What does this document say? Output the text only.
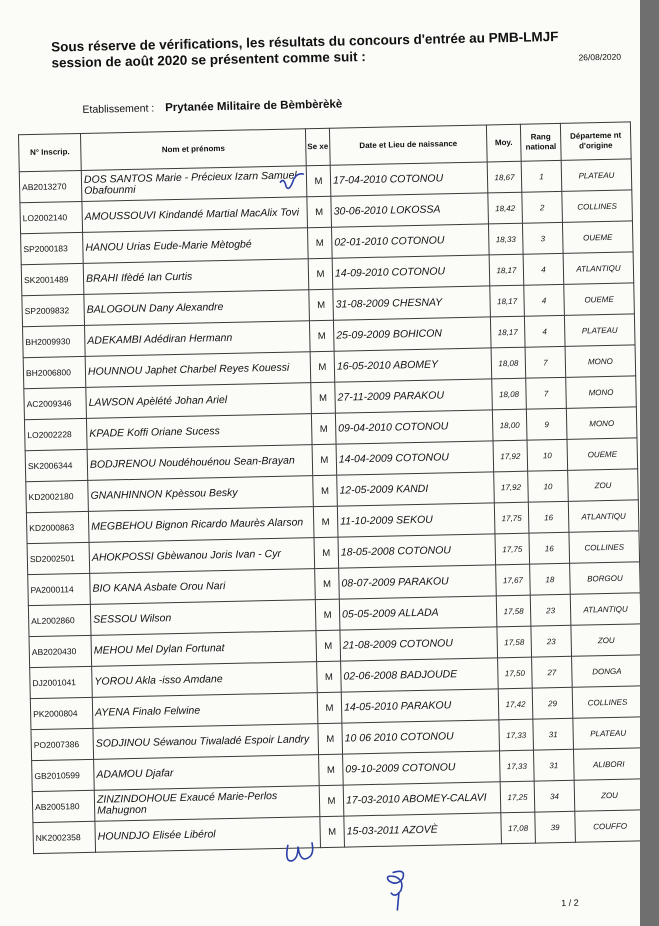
Sous réserve de vérifications, les résultats du concours d'entrée au PMB-LMJF
session de août 2020 se présentent comme suit :	26/08/2020
Etablissement : Prytanée Militaire de Bèmbèrèkè
N° Inscrip.	Nom et prénoms	Se xe	Date et Lieu de naissance	Moy.	Rang national	Départeme nt d'origine
AB2013270	DOS SANTOS Marie - Précieux Izarn Samuel Obafounmi	M	17-04-2010 COTONOU	18,67	1	PLATEAU
LO2002140	AMOUSSOUVI Kindandé Martial MacAlix Tovi	M	30-06-2010 LOKOSSA	18,42	2	COLLINES
SP2000183	HANOU Urias Eude-Marie Mètogbé	M	02-01-2010 COTONOU	18,33	3	OUEME
SK2001489	BRAHI Ifèdé Ian Curtis	M	14-09-2010 COTONOU	18,17	4	ATLANTIQU
SP2009832	BALOGOUN Dany Alexandre	M	31-08-2009 CHESNAY	18,17	4	OUEME
BH2009930	ADEKAMBI Adédiran Hermann	M	25-09-2009 BOHICON	18,17	4	PLATEAU
BH2006800	HOUNNOU Japhet Charbel Reyes Kouessi	M	16-05-2010 ABOMEY	18,08	7	MONO
AC2009346	LAWSON Apèlété Johan Ariel	M	27-11-2009 PARAKOU	18,08	7	MONO
LO2002228	KPADE Koffi Oriane Sucess	M	09-04-2010 COTONOU	18,00	9	MONO
SK2006344	BODJRENOU Noudéhouénou Sean-Brayan	M	14-04-2009 COTONOU	17,92	10	OUEME
KD2002180	GNANHINNON Kpèssou Besky	M	12-05-2009 KANDI	17,92	10	ZOU
KD2000863	MEGBEHOU Bignon Ricardo Maurès Alarson	M	11-10-2009 SEKOU	17,75	16	ATLANTIQU
SD2002501	AHOKPOSSI Gbèwanou Joris Ivan - Cyr	M	18-05-2008 COTONOU	17,75	16	COLLINES
PA2000114	BIO KANA Asbate Orou Nari	M	08-07-2009 PARAKOU	17,67	18	BORGOU
AL2002860	SESSOU Wilson	M	05-05-2009 ALLADA	17,58	23	ATLANTIQU
AB2020430	MEHOU Mel Dylan Fortunat	M	21-08-2009 COTONOU	17,58	23	ZOU
DJ2001041	YOROU Akla -isso Amdane	M	02-06-2008 BADJOUDE	17,50	27	DONGA
PK2000804	AYENA Finalo Felwine	M	14-05-2010 PARAKOU	17,42	29	COLLINES
PO2007386	SODJINOU Séwanou Tiwaladé Espoir Landry	M	10 06 2010 COTONOU	17,33	31	PLATEAU
GB2010599	ADAMOU Djafar	M	09-10-2009 COTONOU	17,33	31	ALIBORI
AB2005180	ZINZINDOHOUE Exaucé Marie-Perlos Mahugnon	M	17-03-2010 ABOMEY-CALAVI	17,25	34	ZOU
NK2002358	HOUNDJO Elisée Libérol	M	15-03-2011 AZOVÈ	17,08	39	COUFFO
1 / 2
